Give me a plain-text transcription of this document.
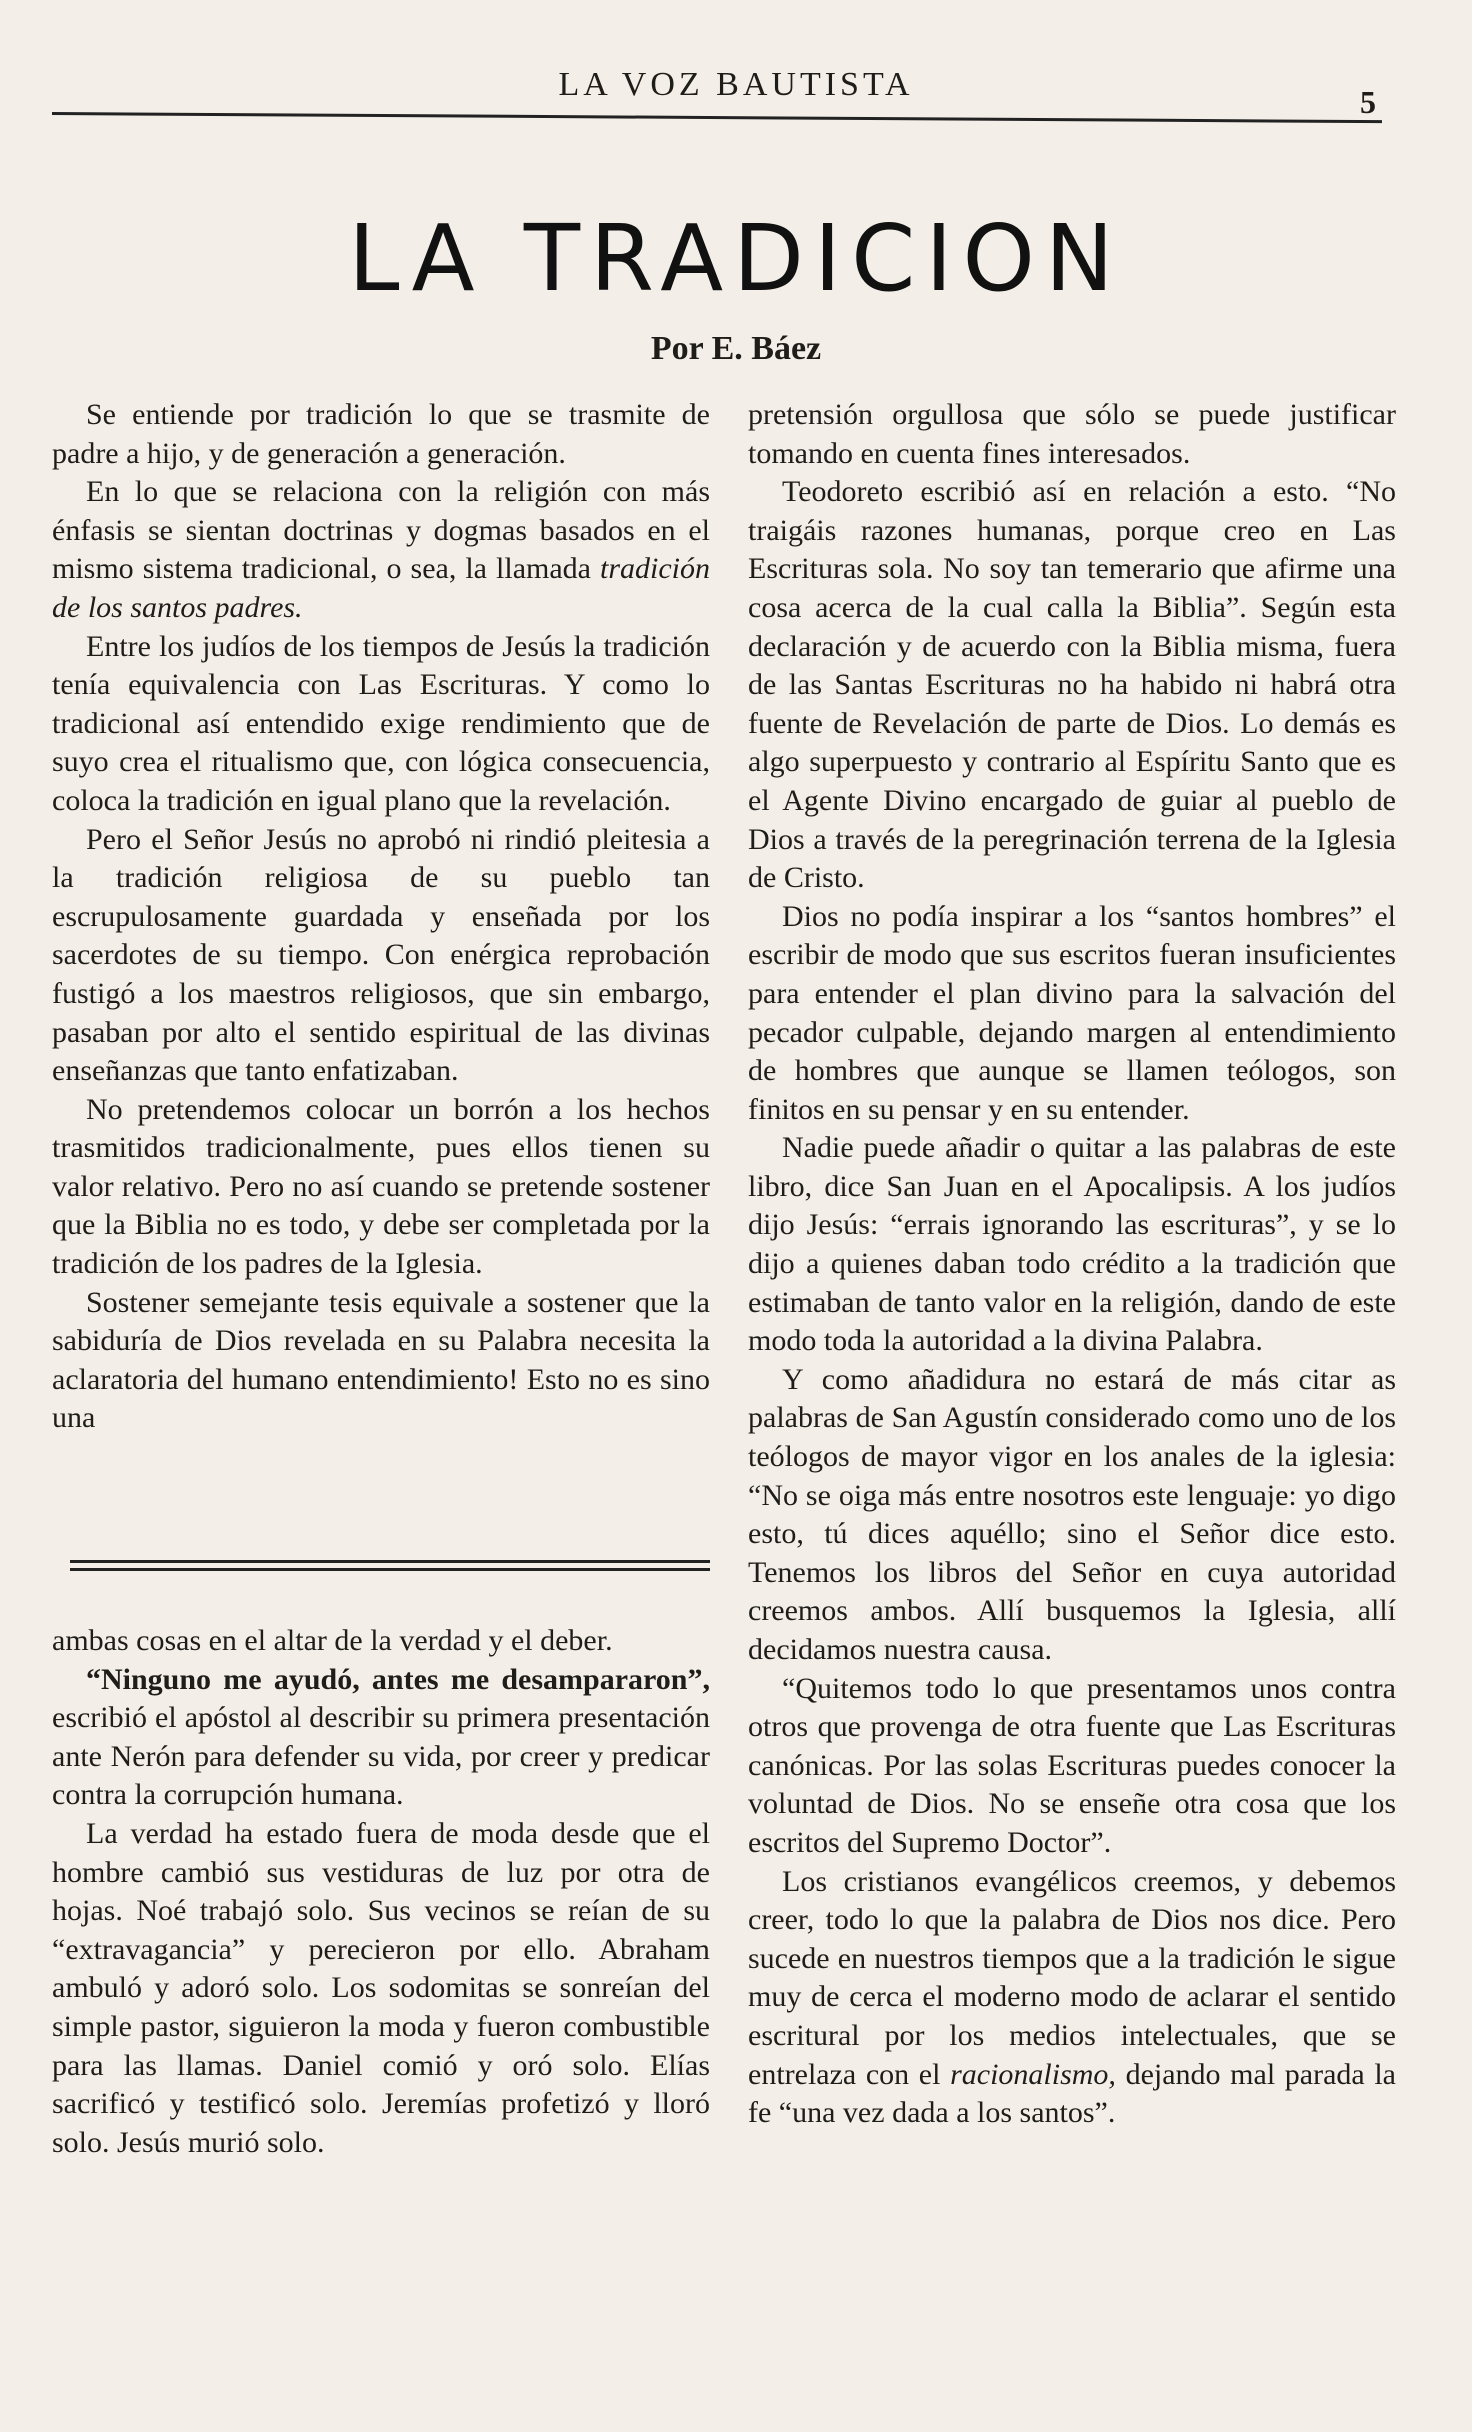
LA VOZ BAUTISTA	5
LA TRADICION
Por E. Báez

Se entiende por tradición lo que se trasmite de padre a hijo, y de generación a generación.

En lo que se relaciona con la religión con más énfasis se sientan doctrinas y dogmas basados en el mismo sistema tradicional, o sea, la llamada tradición de los santos padres.

Entre los judíos de los tiempos de Jesús la tradición tenía equivalencia con Las Escrituras. Y como lo tradicional así entendido exige rendimiento que de suyo crea el ritualismo que, con lógica consecuencia, coloca la tradición en igual plano que la revelación.

Pero el Señor Jesús no aprobó ni rindió pleitesia a la tradición religiosa de su pueblo tan escrupulosamente guardada y enseñada por los sacerdotes de su tiempo. Con enérgica reprobación fustigó a los maestros religiosos, que sin embargo, pasaban por alto el sentido espiritual de las divinas enseñanzas que tanto enfatizaban.

No pretendemos colocar un borrón a los hechos trasmitidos tradicionalmente, pues ellos tienen su valor relativo. Pero no así cuando se pretende sostener que la Biblia no es todo, y debe ser completada por la tradición de los padres de la Iglesia.

Sostener semejante tesis equivale a sostener que la sabiduría de Dios revelada en su Palabra necesita la aclaratoria del humano entendimiento! Esto no es sino una

ambas cosas en el altar de la verdad y el deber.

“Ninguno me ayudó, antes me desampararon”, escribió el apóstol al describir su primera presentación ante Nerón para defender su vida, por creer y predicar contra la corrupción humana.

La verdad ha estado fuera de moda desde que el hombre cambió sus vestiduras de luz por otra de hojas. Noé trabajó solo. Sus vecinos se reían de su “extravagancia” y perecieron por ello. Abraham ambuló y adoró solo. Los sodomitas se sonreían del simple pastor, siguieron la moda y fueron combustible para las llamas. Daniel comió y oró solo. Elías sacrificó y testificó solo. Jeremías profetizó y lloró solo. Jesús murió solo.

pretensión orgullosa que sólo se puede justificar tomando en cuenta fines interesados.

Teodoreto escribió así en relación a esto. “No traigáis razones humanas, porque creo en Las Escrituras sola. No soy tan temerario que afirme una cosa acerca de la cual calla la Biblia”. Según esta declaración y de acuerdo con la Biblia misma, fuera de las Santas Escrituras no ha habido ni habrá otra fuente de Revelación de parte de Dios. Lo demás es algo superpuesto y contrario al Espíritu Santo que es el Agente Divino encargado de guiar al pueblo de Dios a través de la peregrinación terrena de la Iglesia de Cristo.

Dios no podía inspirar a los “santos hombres” el escribir de modo que sus escritos fueran insuficientes para entender el plan divino para la salvación del pecador culpable, dejando margen al entendimiento de hombres que aunque se llamen teólogos, son finitos en su pensar y en su entender.

Nadie puede añadir o quitar a las palabras de este libro, dice San Juan en el Apocalipsis. A los judíos dijo Jesús: “errais ignorando las escrituras”, y se lo dijo a quienes daban todo crédito a la tradición que estimaban de tanto valor en la religión, dando de este modo toda la autoridad a la divina Palabra.

Y como añadidura no estará de más citar as palabras de San Agustín considerado como uno de los teólogos de mayor vigor en los anales de la iglesia: “No se oiga más entre nosotros este lenguaje: yo digo esto, tú dices aquéllo; sino el Señor dice esto. Tenemos los libros del Señor en cuya autoridad creemos ambos. Allí busquemos la Iglesia, allí decidamos nuestra causa.

“Quitemos todo lo que presentamos unos contra otros que provenga de otra fuente que Las Escrituras canónicas. Por las solas Escrituras puedes conocer la voluntad de Dios. No se enseñe otra cosa que los escritos del Supremo Doctor”.

Los cristianos evangélicos creemos, y debemos creer, todo lo que la palabra de Dios nos dice. Pero sucede en nuestros tiempos que a la tradición le sigue muy de cerca el moderno modo de aclarar el sentido escritural por los medios intelectuales, que se entrelaza con el racionalismo, dejando mal parada la fe “una vez dada a los santos”.
